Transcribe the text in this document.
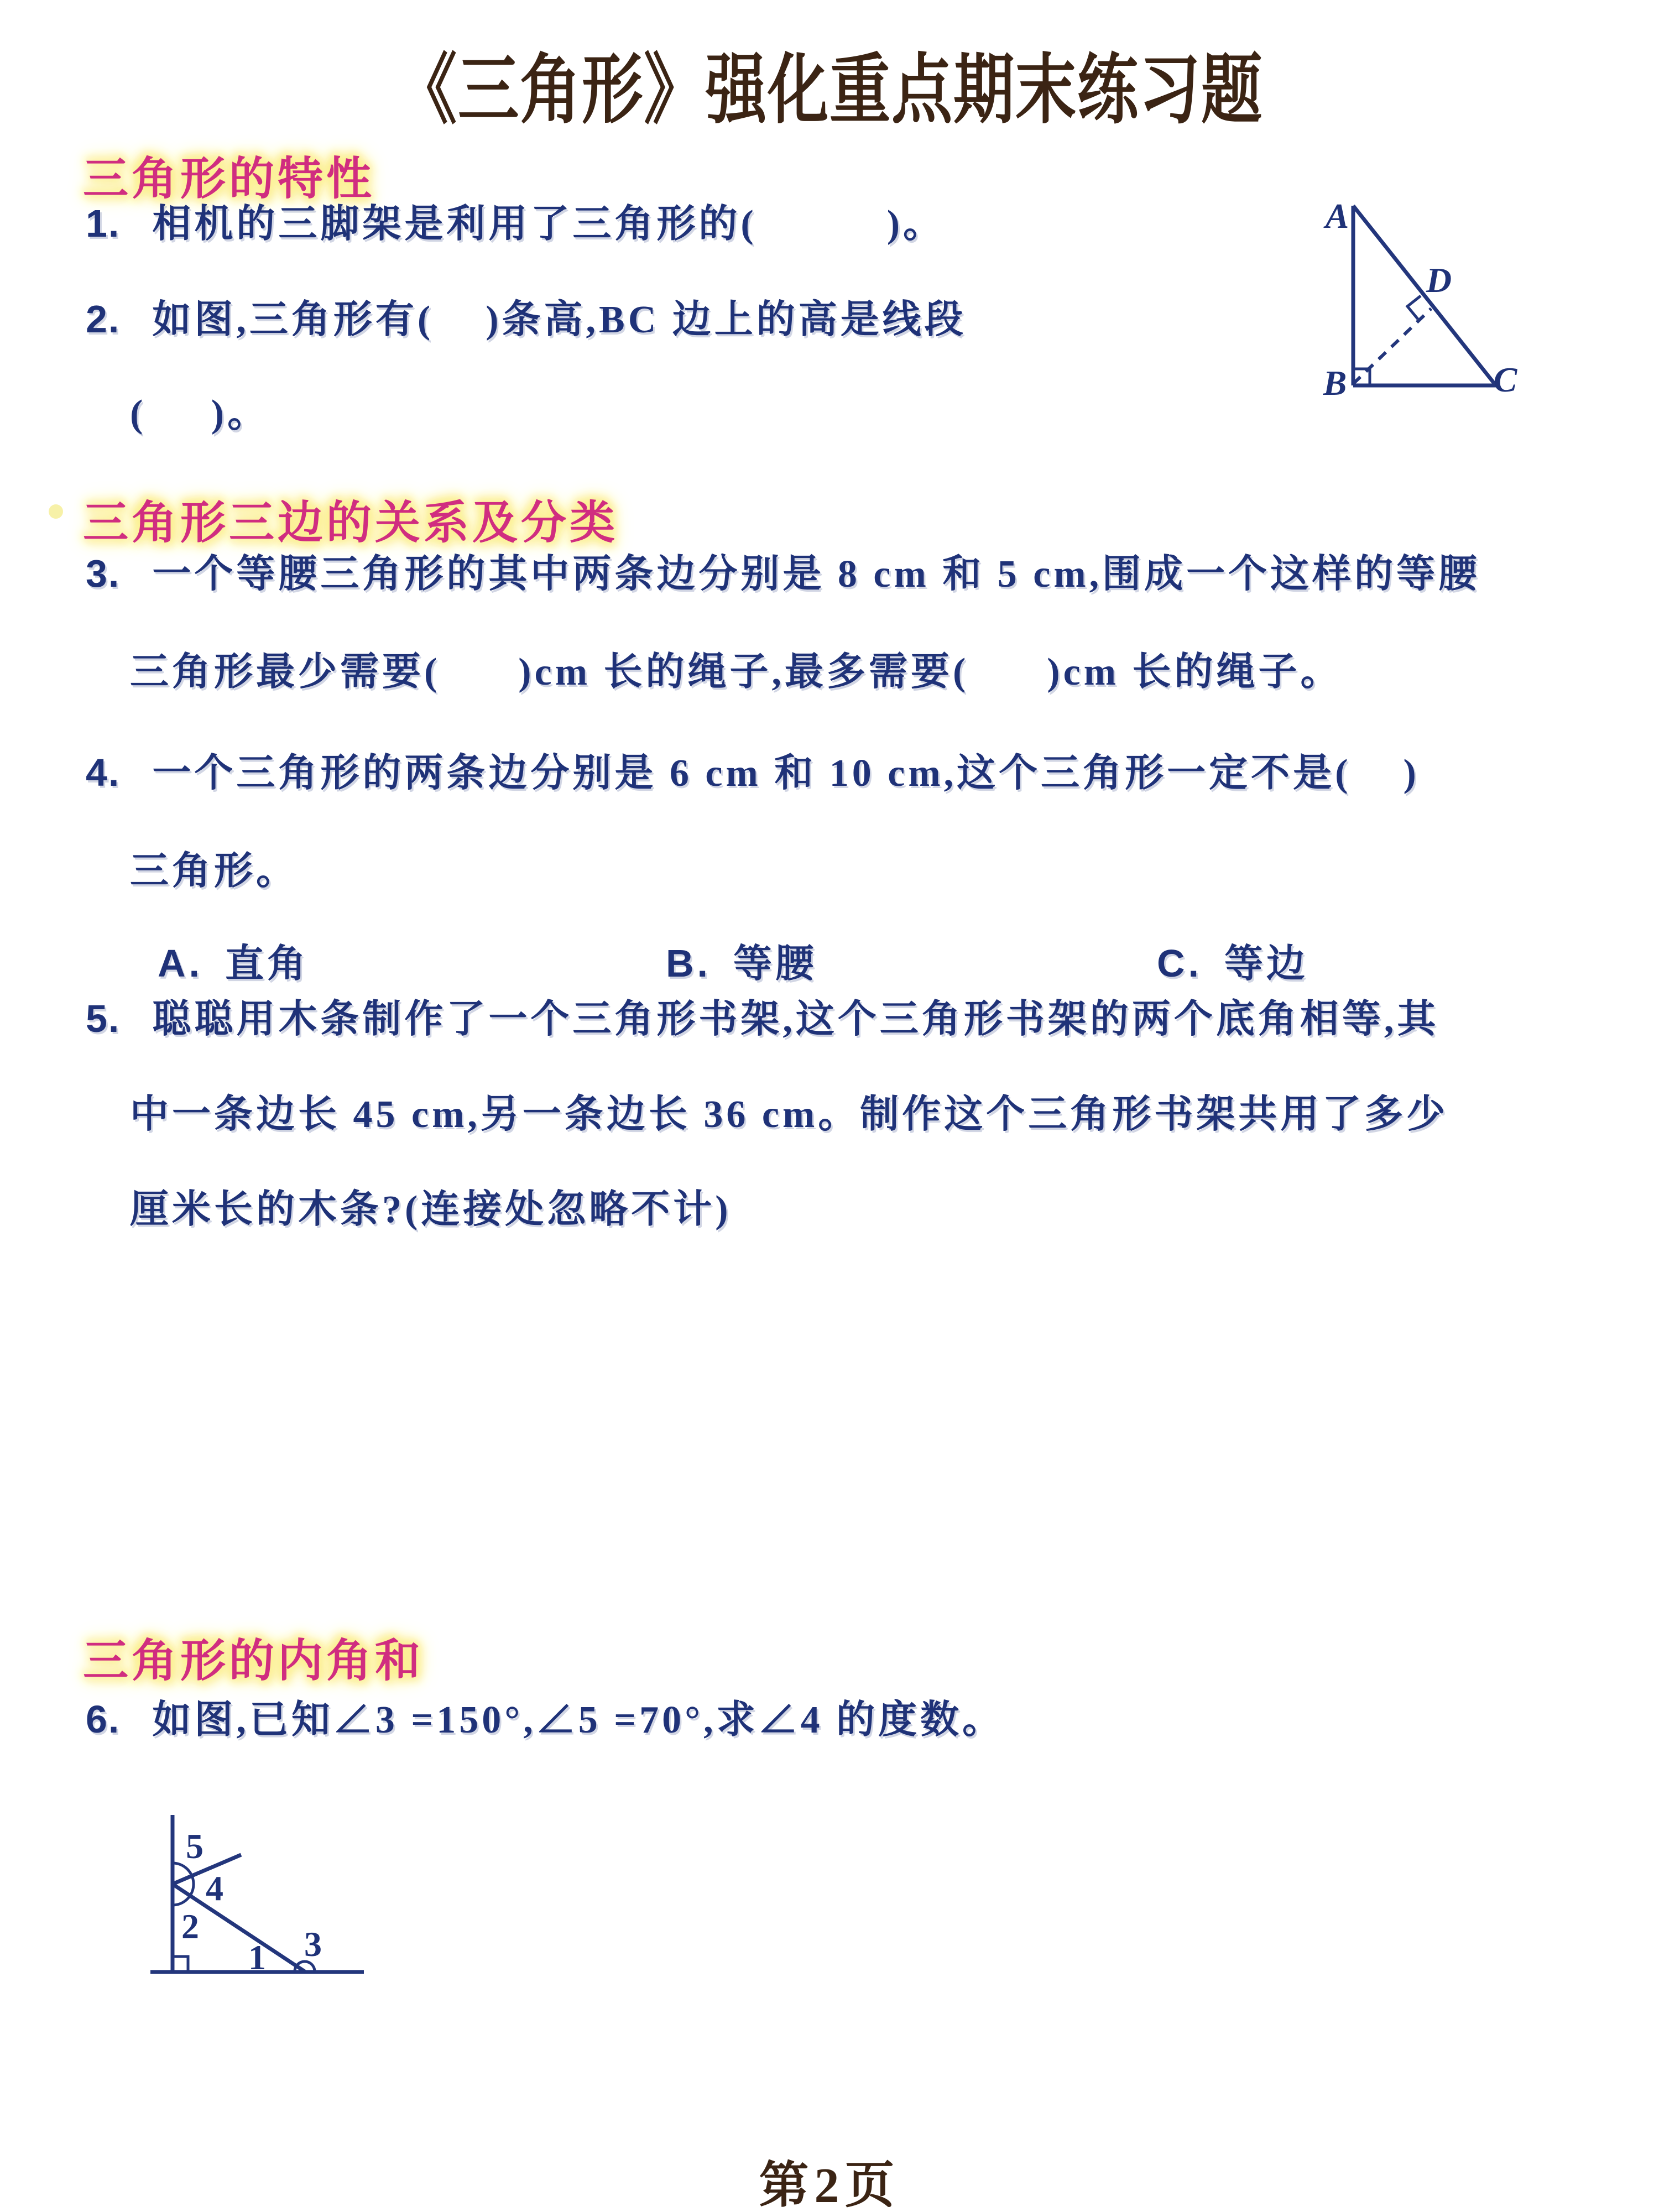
《三角形》强化重点期末练习题
三角形的特性
1. 相机的三脚架是利用了三角形的(          )。
2. 如图,三角形有(    )条高,BC 边上的高是线段
(     )。
A
B	C
D
三角形三边的关系及分类
3. 一个等腰三角形的其中两条边分别是 8 cm 和 5 cm,围成一个这样的等腰
三角形最少需要(      )cm 长的绳子,最多需要(      )cm 长的绳子。
4. 一个三角形的两条边分别是 6 cm 和 10 cm,这个三角形一定不是(    )
三角形。
A. 直角	B. 等腰	C. 等边
5. 聪聪用木条制作了一个三角形书架,这个三角形书架的两个底角相等,其
中一条边长 45 cm,另一条边长 36 cm。制作这个三角形书架共用了多少
厘米长的木条?(连接处忽略不计)
三角形的内角和
6. 如图,已知∠3 =150°,∠5 =70°,求∠4 的度数。
5
4
2
1 3
第2页
